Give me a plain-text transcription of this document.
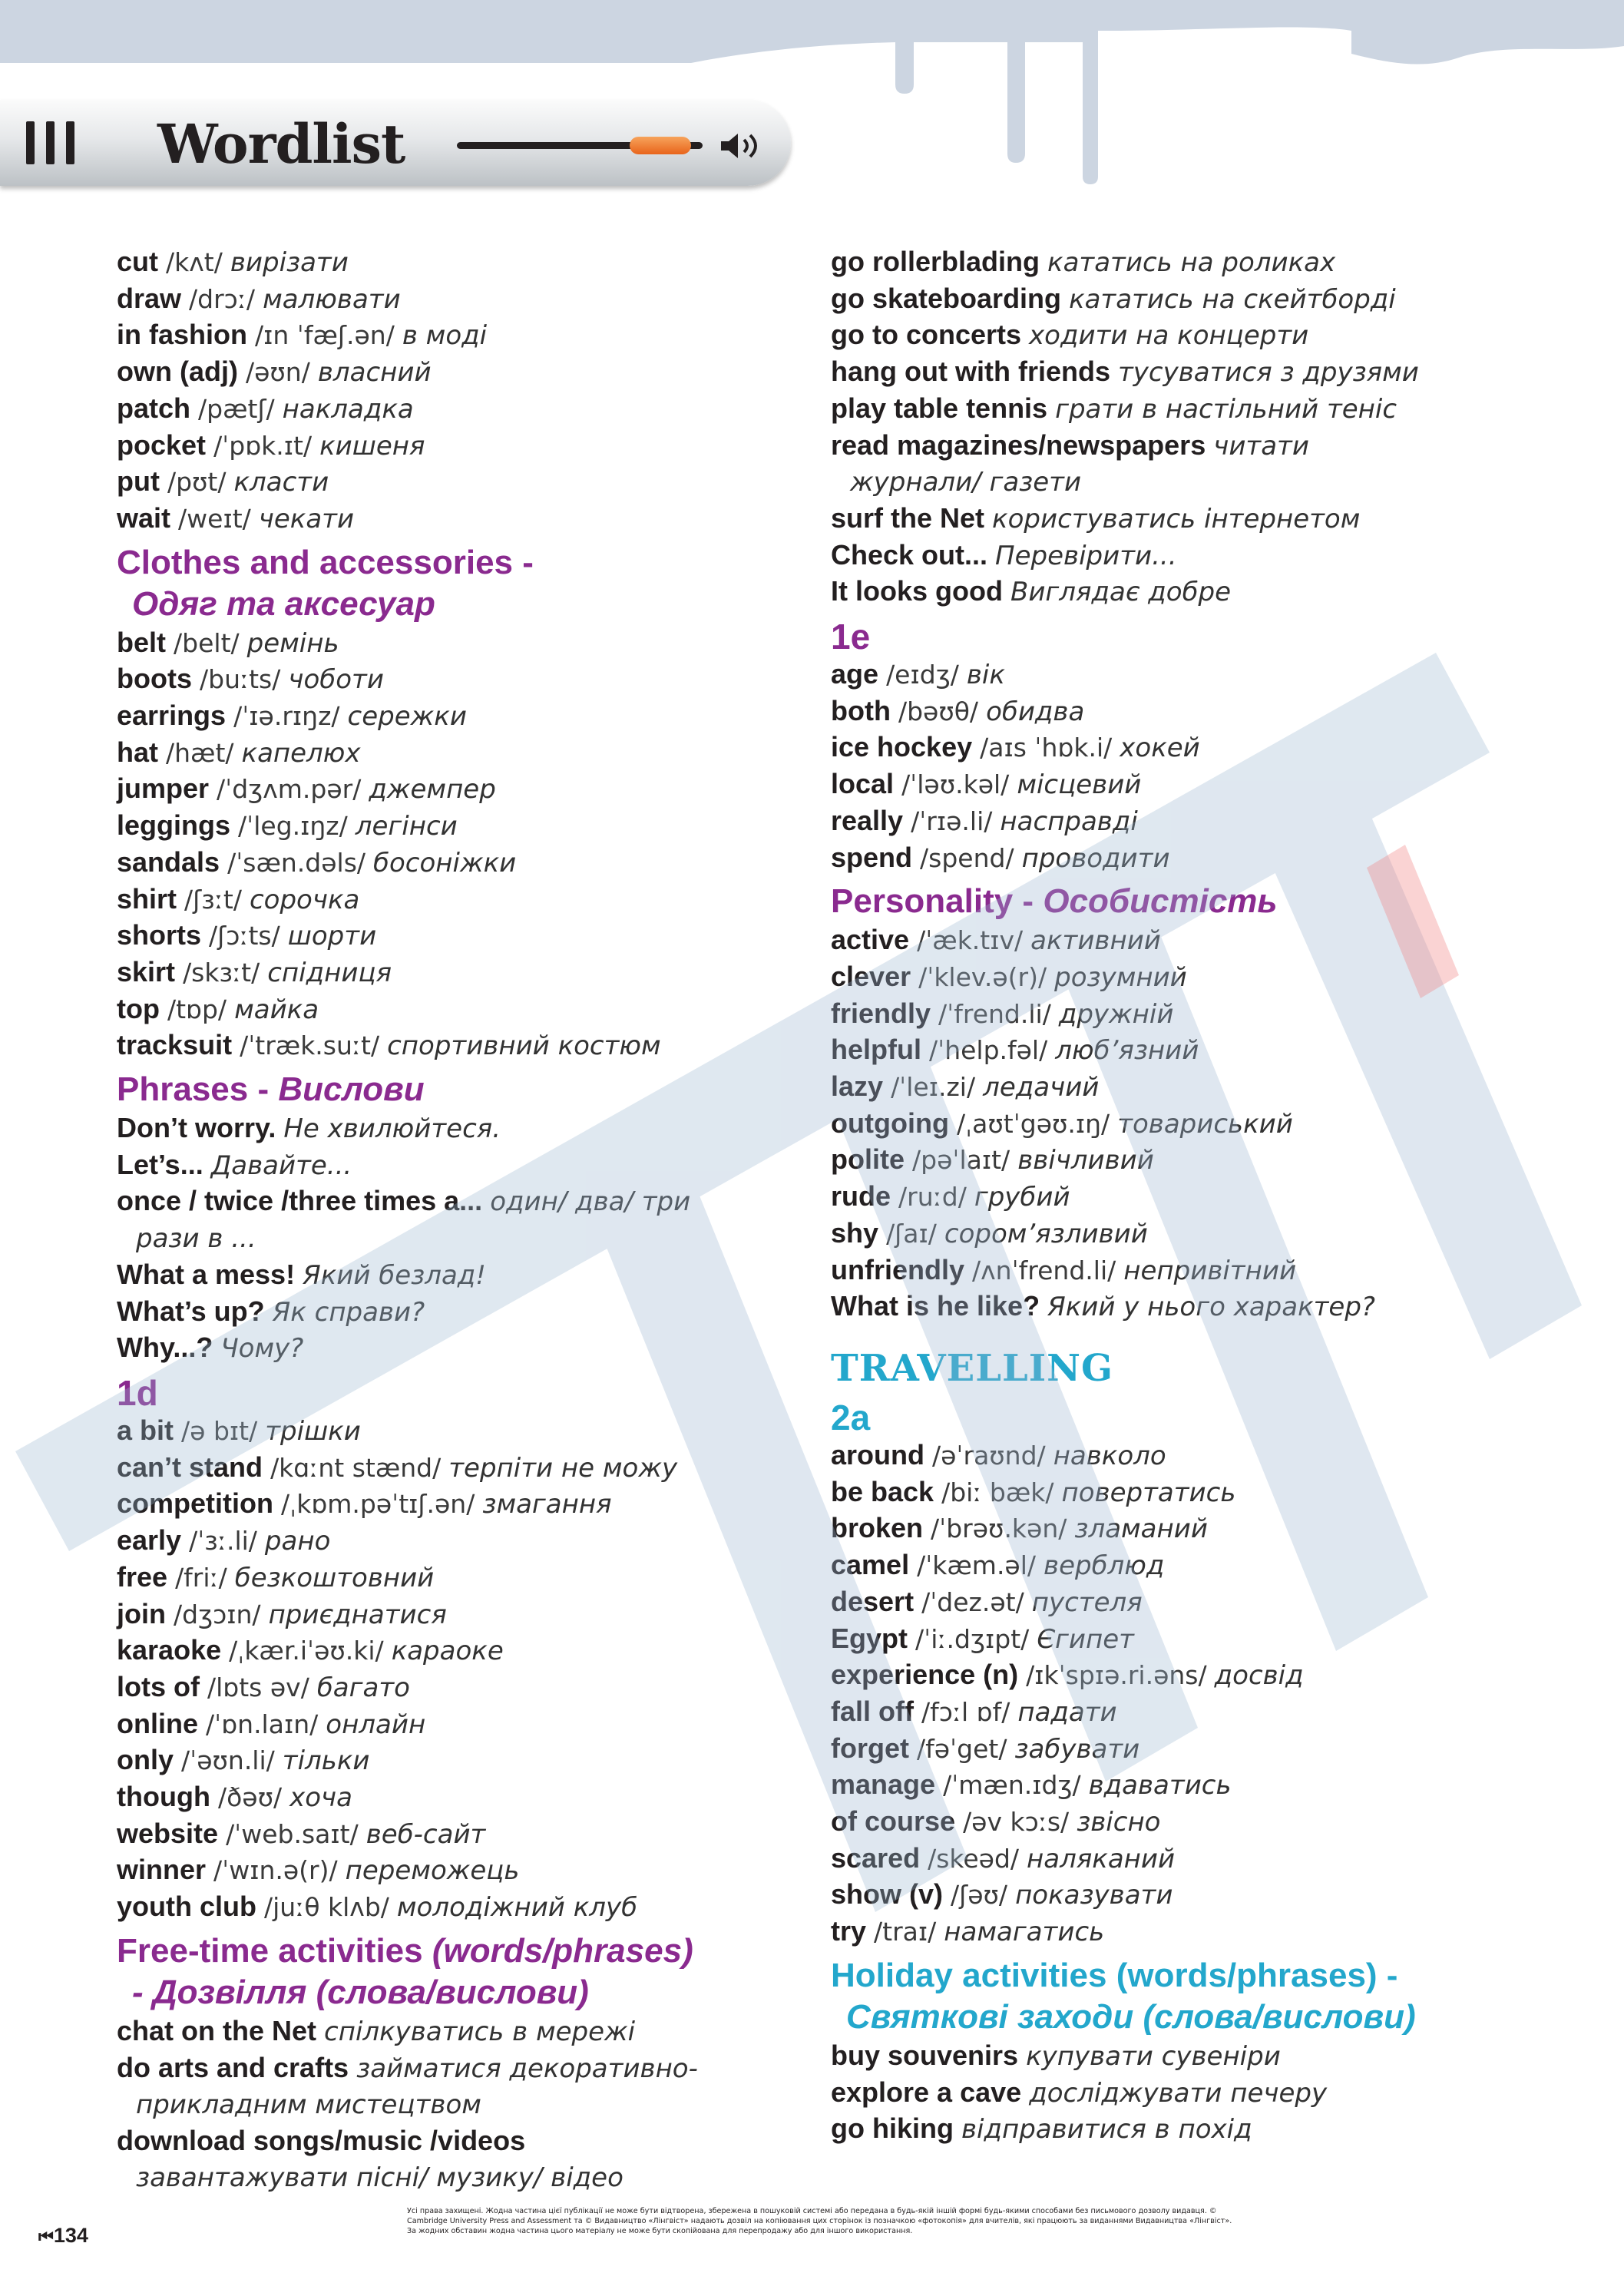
Wordlist
cut /kʌt/ вирізати
draw /drɔː/ малювати
in fashion /ɪn ˈfæʃ.ən/ в моді
own (adj) /əʊn/ власний
patch /pætʃ/ накладка
pocket /ˈpɒk.ɪt/ кишеня
put /pʊt/ класти
wait /weɪt/ чекати
Clothes and accessories -
Одяг та аксесуар
belt /belt/ ремінь
boots /buːts/ чоботи
earrings /ˈɪə.rɪŋz/ сережки
hat /hæt/ капелюх
jumper /ˈdʒʌm.pər/ джемпер
leggings /ˈleg.ɪŋz/ легінси
sandals /ˈsæn.dəls/ босоніжки
shirt /ʃɜːt/ сорочка
shorts /ʃɔːts/ шорти
skirt /skɜːt/ спідниця
top /tɒp/ майка
tracksuit /ˈtræk.suːt/ спортивний костюм
Phrases - Вислови
Don’t worry. Не хвилюйтеся.
Let’s... Давайте...
once / twice /three times a... один/ два/ три
рази в ...
What a mess! Який безлад!
What’s up? Як справи?
Why...? Чому?
1d
a bit /ə bɪt/ трішки
can’t stand /kɑːnt stænd/ терпіти не можу
competition /ˌkɒm.pəˈtɪʃ.ən/ змагання
early /ˈɜː.li/ рано
free /friː/ безкоштовний
join /dʒɔɪn/ приєднатися
karaoke /ˌkær.iˈəʊ.ki/ караоке
lots of /lɒts əv/ багато
online /ˈɒn.laɪn/ онлайн
only /ˈəʊn.li/ тільки
though /ðəʊ/ хоча
website /ˈweb.saɪt/ веб-сайт
winner /ˈwɪn.ə(r)/ переможець
youth club /juːθ klʌb/ молодіжний клуб
Free-time activities (words/phrases)
- Дозвілля (слова/вислови)
chat on the Net спілкуватись в мережі
do arts and crafts займатися декоративно-
прикладним мистецтвом
download songs/music /videos
завантажувати пісні/ музику/ відео
go rollerblading кататись на роликах
go skateboarding кататись на скейтборді
go to concerts ходити на концерти
hang out with friends тусуватися з друзями
play table tennis грати в настільний теніс
read magazines/newspapers читати
журнали/ газети
surf the Net користуватись інтернетом
Check out... Перевірити...
It looks good Виглядає добре
1e
age /eɪdʒ/ вік
both /bəʊθ/ обидва
ice hockey /aɪs ˈhɒk.i/ хокей
local /ˈləʊ.kəl/ місцевий
really /ˈrɪə.li/ насправді
spend /spend/ проводити
Personality - Особистість
active /ˈæk.tɪv/ активний
clever /ˈklev.ə(r)/ розумний
friendly /ˈfrend.li/ дружній
helpful /ˈhelp.fəl/ люб’язний
lazy /ˈleɪ.zi/ ледачий
outgoing /ˌaʊtˈgəʊ.ɪŋ/ товариський
polite /pəˈlaɪt/ ввічливий
rude /ruːd/ грубий
shy /ʃaɪ/ сором’язливий
unfriendly /ʌnˈfrend.li/ непривітний
What is he like? Який у нього характер?
TRAVELLING
2a
around /əˈraʊnd/ навколо
be back /biː bæk/ повертатись
broken /ˈbrəʊ.kən/ зламаний
camel /ˈkæm.əl/ верблюд
desert /ˈdez.ət/ пустеля
Egypt /ˈiː.dʒɪpt/ Єгипет
experience (n) /ɪkˈspɪə.ri.əns/ досвід
fall off /fɔːl ɒf/ падати
forget /fəˈget/ забувати
manage /ˈmæn.ɪdʒ/ вдаватись
of course /əv kɔːs/ звісно
scared /skeəd/ наляканий
show (v) /ʃəʊ/ показувати
try /traɪ/ намагатись
Holiday activities (words/phrases) -
Святкові заходи (слова/вислови)
buy souvenirs купувати сувеніри
explore a cave досліджувати печеру
go hiking відправитися в похід
⏮134
Усі права захищені. Жодна частина цієї публікації не може бути відтворена, збережена в пошуковій системі або передана в будь-якій іншій формі будь-якими способами без письмового дозволу видавця. © Cambridge University Press and Assessment та © Видавництво «Лінгвіст» надають дозвіл на копіювання цих сторінок із позначкою «фотокопія» для вчителів, які працюють за виданнями Видавництва «Лінгвіст». За жодних обставин жодна частина цього матеріалу не може бути скопійована для перепродажу або для іншого використання.
